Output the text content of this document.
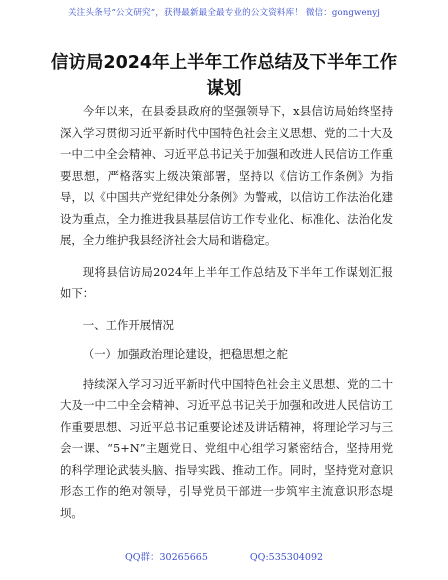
关注头条号“公文研究”，获得最新最全最专业的公文资料库！ 微信：gongwenyj
信访局2024年上半年工作总结及下半年工作谋划

今年以来，在县委县政府的坚强领导下，x县信访局始终坚持深入学习贯彻习近平新时代中国特色社会主义思想、党的二十大及一中二中全会精神、习近平总书记关于加强和改进人民信访工作重要思想，严格落实上级决策部署，坚持以《信访工作条例》为指导，以《中国共产党纪律处分条例》为警戒，以信访工作法治化建设为重点，全力推进我县基层信访工作专业化、标准化、法治化发展，全力维护我县经济社会大局和谐稳定。

现将县信访局2024年上半年工作总结及下半年工作谋划汇报如下：

一、工作开展情况

（一）加强政治理论建设，把稳思想之舵

持续深入学习习近平新时代中国特色社会主义思想、党的二十大及一中二中全会精神、习近平总书记关于加强和改进人民信访工作重要思想、习近平总书记重要论述及讲话精神，将理论学习与三会一课、“5+N”主题党日、党组中心组学习紧密结合，坚持用党的科学理论武装头脑、指导实践、推动工作。同时，坚持党对意识形态工作的绝对领导，引导党员干部进一步筑牢主流意识形态堤坝。

QQ群：30265665	QQ:535304092
